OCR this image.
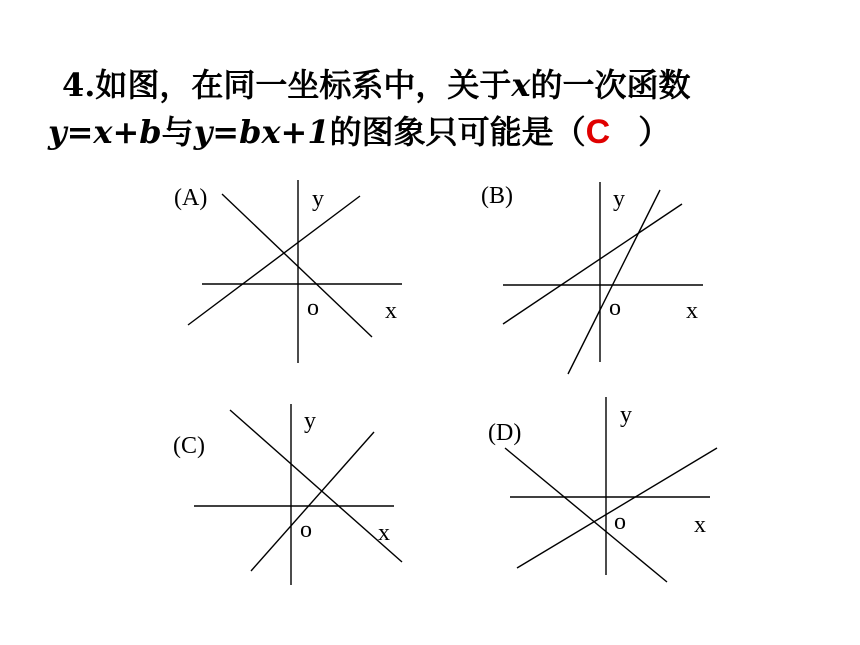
4.如图，在同一坐标系中，关于x的一次函数
y=x+b与y=bx+1的图象只可能是（C ）
(A)	y
x
o
(B)	y
x
o
(C)
y
x
o
(D)
y
x
o
